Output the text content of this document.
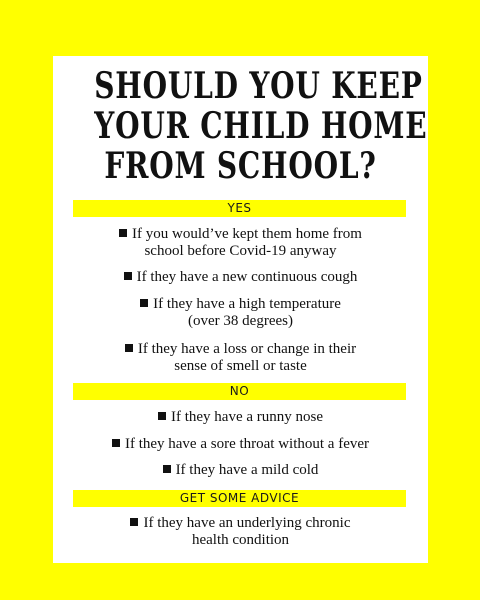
SHOULD YOU KEEP
YOUR CHILD HOME
FROM SCHOOL?
YES
If you would’ve kept them home from
school before Covid-19 anyway
If they have a new continuous cough
If they have a high temperature
(over 38 degrees)
If they have a loss or change in their
sense of smell or taste
NO
If they have a runny nose
If they have a sore throat without a fever
If they have a mild cold
GET SOME ADVICE
If they have an underlying chronic
health condition
